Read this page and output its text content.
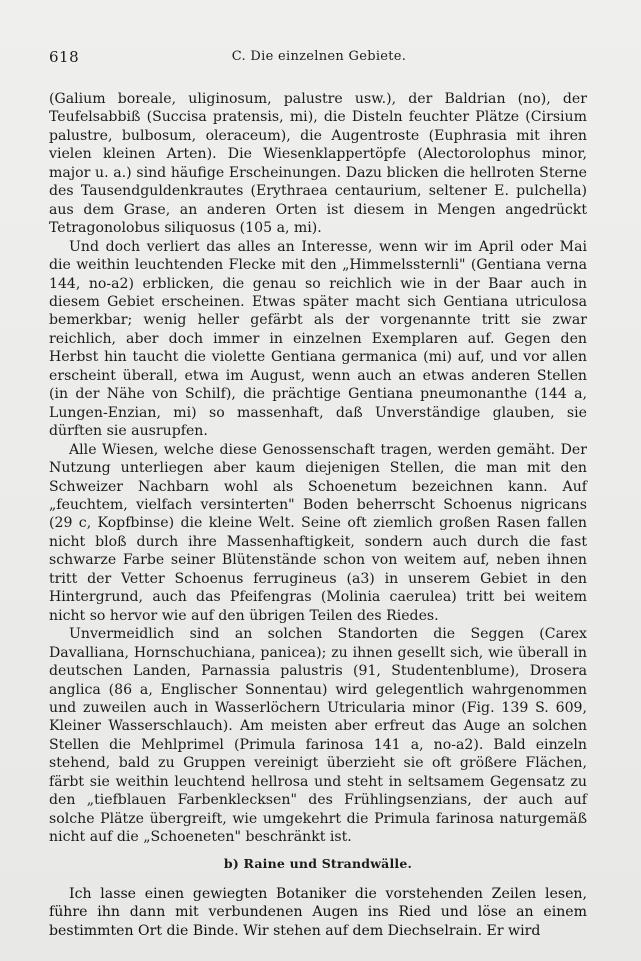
618	C. Die einzelnen Gebiete.

(Galium boreale, uliginosum, palustre usw.), der Baldrian (no), der Teufelsabbiß (Succisa pratensis, mi), die Disteln feuchter Plätze (Cirsium palustre, bulbosum, oleraceum), die Augentroste (Euphrasia mit ihren vielen kleinen Arten). Die Wiesenklappertöpfe (Alectorolophus minor, major u. a.) sind häufige Erscheinungen. Dazu blicken die hellroten Sterne des Tausendguldenkrautes (Erythraea centaurium, seltener E. pulchella) aus dem Grase, an anderen Orten ist diesem in Mengen angedrückt Tetragonolobus siliquosus (105 a, mi).

Und doch verliert das alles an Interesse, wenn wir im April oder Mai die weithin leuchtenden Flecke mit den „Himmelssternli" (Gentiana verna 144, no-a2) erblicken, die genau so reichlich wie in der Baar auch in diesem Gebiet erscheinen. Etwas später macht sich Gentiana utriculosa bemerkbar; wenig heller gefärbt als der vorgenannte tritt sie zwar reichlich, aber doch immer in einzelnen Exemplaren auf. Gegen den Herbst hin taucht die violette Gentiana germanica (mi) auf, und vor allen erscheint überall, etwa im August, wenn auch an etwas anderen Stellen (in der Nähe von Schilf), die prächtige Gentiana pneumonanthe (144 a, Lungen-Enzian, mi) so massenhaft, daß Unverständige glauben, sie dürften sie ausrupfen.

Alle Wiesen, welche diese Genossenschaft tragen, werden gemäht. Der Nutzung unterliegen aber kaum diejenigen Stellen, die man mit den Schweizer Nachbarn wohl als Schoenetum bezeichnen kann. Auf „feuchtem, vielfach versinterten" Boden beherrscht Schoenus nigricans (29 c, Kopfbinse) die kleine Welt. Seine oft ziemlich großen Rasen fallen nicht bloß durch ihre Massenhaftigkeit, sondern auch durch die fast schwarze Farbe seiner Blütenstände schon von weitem auf, neben ihnen tritt der Vetter Schoenus ferrugineus (a3) in unserem Gebiet in den Hintergrund, auch das Pfeifengras (Molinia caerulea) tritt bei weitem nicht so hervor wie auf den übrigen Teilen des Riedes.

Unvermeidlich sind an solchen Standorten die Seggen (Carex Davalliana, Hornschuchiana, panicea); zu ihnen gesellt sich, wie überall in deutschen Landen, Parnassia palustris (91, Studentenblume), Drosera anglica (86 a, Englischer Sonnentau) wird gelegentlich wahrgenommen und zuweilen auch in Wasserlöchern Utricularia minor (Fig. 139 S. 609, Kleiner Wasserschlauch). Am meisten aber erfreut das Auge an solchen Stellen die Mehlprimel (Primula farinosa 141 a, no-a2). Bald einzeln stehend, bald zu Gruppen vereinigt überzieht sie oft größere Flächen, färbt sie weithin leuchtend hellrosa und steht in seltsamem Gegensatz zu den „tiefblauen Farbenklecksen" des Frühlingsenzians, der auch auf solche Plätze übergreift, wie umgekehrt die Primula farinosa naturgemäß nicht auf die „Schoeneten" beschränkt ist.

b) Raine und Strandwälle.

Ich lasse einen gewiegten Botaniker die vorstehenden Zeilen lesen, führe ihn dann mit verbundenen Augen ins Ried und löse an einem bestimmten Ort die Binde. Wir stehen auf dem Diechselrain. Er wird
